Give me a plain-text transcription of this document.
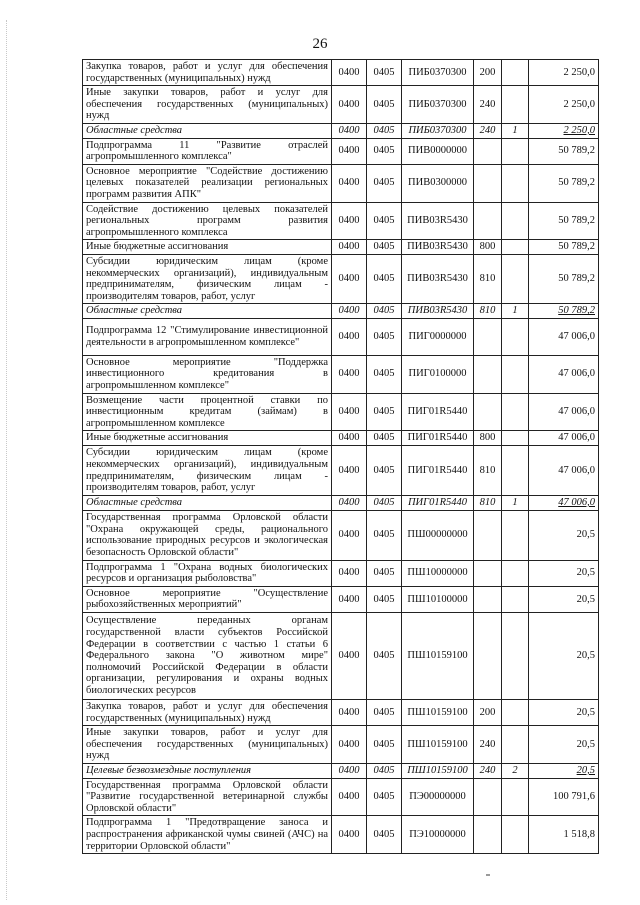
26
Закупка товаров, работ и услуг для обеспечения государственных (муниципальных) нужд	0400	0405	ПИБ0370300	200		2 250,0
Иные закупки товаров, работ и услуг для обеспечения государственных (муниципальных) нужд	0400	0405	ПИБ0370300	240		2 250,0
Областные средства	0400	0405	ПИБ0370300	240	1	2 250,0
Подпрограмма 11 "Развитие отраслей агропромышленного комплекса"	0400	0405	ПИВ0000000			50 789,2
Основное мероприятие "Содействие достижению целевых показателей реализации региональных программ развития АПК"	0400	0405	ПИВ0300000			50 789,2
Содействие достижению целевых показателей региональных программ развития агропромышленного комплекса	0400	0405	ПИВ03R5430			50 789,2
Иные бюджетные ассигнования	0400	0405	ПИВ03R5430	800		50 789,2
Субсидии юридическим лицам (кроме некоммерческих организаций), индивидуальным предпринимателям, физическим лицам - производителям товаров, работ, услуг	0400	0405	ПИВ03R5430	810		50 789,2
Областные средства	0400	0405	ПИВ03R5430	810	1	50 789,2
Подпрограмма 12 "Стимулирование инвестиционной деятельности в агропромышленном комплексе"	0400	0405	ПИГ0000000			47 006,0
Основное мероприятие "Поддержка инвестиционного кредитования в агропромышленном комплексе"	0400	0405	ПИГ0100000			47 006,0
Возмещение части процентной ставки по инвестиционным кредитам (займам) в агропромышленном комплексе	0400	0405	ПИГ01R5440			47 006,0
Иные бюджетные ассигнования	0400	0405	ПИГ01R5440	800		47 006,0
Субсидии юридическим лицам (кроме некоммерческих организаций), индивидуальным предпринимателям, физическим лицам - производителям товаров, работ, услуг	0400	0405	ПИГ01R5440	810		47 006,0
Областные средства	0400	0405	ПИГ01R5440	810	1	47 006,0
Государственная программа Орловской области "Охрана окружающей среды, рационального использование природных ресурсов и экологическая безопасность Орловской области"	0400	0405	ПШ00000000			20,5
Подпрограмма 1 "Охрана водных биологических ресурсов и организация рыболовства"	0400	0405	ПШ10000000			20,5
Основное мероприятие "Осуществление рыбохозяйственных мероприятий"	0400	0405	ПШ10100000			20,5
Осуществление переданных органам государственной власти субъектов Российской Федерации в соответствии с частью 1 статьи 6 Федерального закона "О животном мире" полномочий Российской Федерации в области организации, регулирования и охраны водных биологических ресурсов	0400	0405	ПШ10159100			20,5
Закупка товаров, работ и услуг для обеспечения государственных (муниципальных) нужд	0400	0405	ПШ10159100	200		20,5
Иные закупки товаров, работ и услуг для обеспечения государственных (муниципальных) нужд	0400	0405	ПШ10159100	240		20,5
Целевые безвозмездные поступления	0400	0405	ПШ10159100	240	2	20,5
Государственная программа Орловской области "Развитие государственной ветеринарной службы Орловской области"	0400	0405	ПЭ00000000			100 791,6
Подпрограмма 1 "Предотвращение заноса и распространения африканской чумы свиней (АЧС) на территории Орловской области"	0400	0405	ПЭ10000000			1 518,8
